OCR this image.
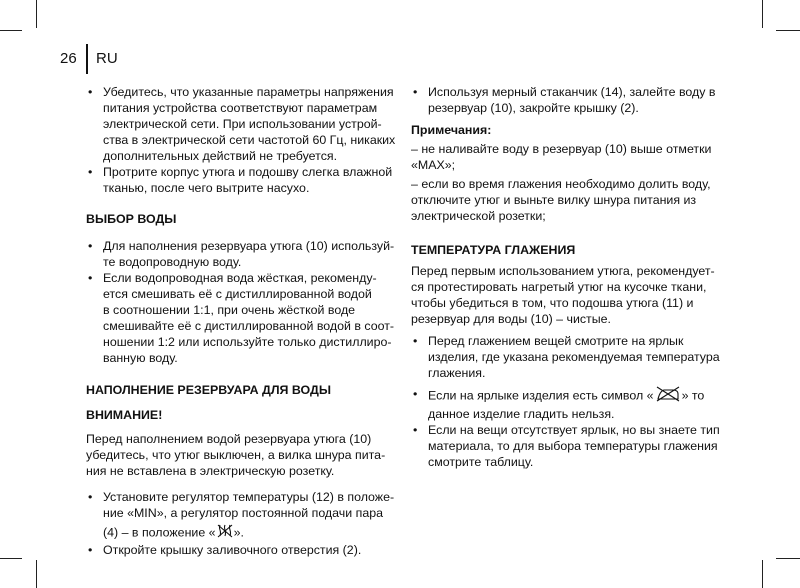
26 RU
• Убедитесь, что указанные параметры напряжения
питания устройства соответствуют параметрам
электрической сети. При использовании устрой-
ства в электрической сети частотой 60 Гц, никаких
дополнительных действий не требуется.
• Протрите корпус утюга и подошву слегка влажной
тканью, после чего вытрите насухо.
ВЫБОР ВОДЫ
• Для наполнения резервуара утюга (10) используй-
те водопроводную воду.
• Если водопроводная вода жёсткая, рекоменду-
ется смешивать её с дистиллированной водой
в соотношении 1:1, при очень жёсткой воде
смешивайте её с дистиллированной водой в соот-
ношении 1:2 или используйте только дистиллиро-
ванную воду.
НАПОЛНЕНИЕ РЕЗЕРВУАРА ДЛЯ ВОДЫ
ВНИМАНИЕ!

Перед наполнением водой резервуара утюга (10)
убедитесь, что утюг выключен, а вилка шнура пита-
ния не вставлена в электрическую розетку.

• Установите регулятор температуры (12) в положе-
ние «MIN», а регулятор постоянной подачи пара
(4) – в положение « ».
• Откройте крышку заливочного отверстия (2).
• Используя мерный стаканчик (14), залейте воду в
резервуар (10), закройте крышку (2).
Примечания:

– не наливайте воду в резервуар (10) выше отметки
«MAX»;

– если во время глажения необходимо долить воду,
отключите утюг и выньте вилку шнура питания из
электрической розетки;

ТЕМПЕРАТУРА ГЛАЖЕНИЯ

Перед первым использованием утюга, рекомендует-
ся протестировать нагретый утюг на кусочке ткани,
чтобы убедиться в том, что подошва утюга (11) и
резервуар для воды (10) – чистые.

• Перед глажением вещей смотрите на ярлык
изделия, где указана рекомендуемая температура
глажения.
• Если на ярлыке изделия есть символ « » то
данное изделие гладить нельзя.
• Если на вещи отсутствует ярлык, но вы знаете тип
материала, то для выбора температуры глажения
смотрите таблицу.
